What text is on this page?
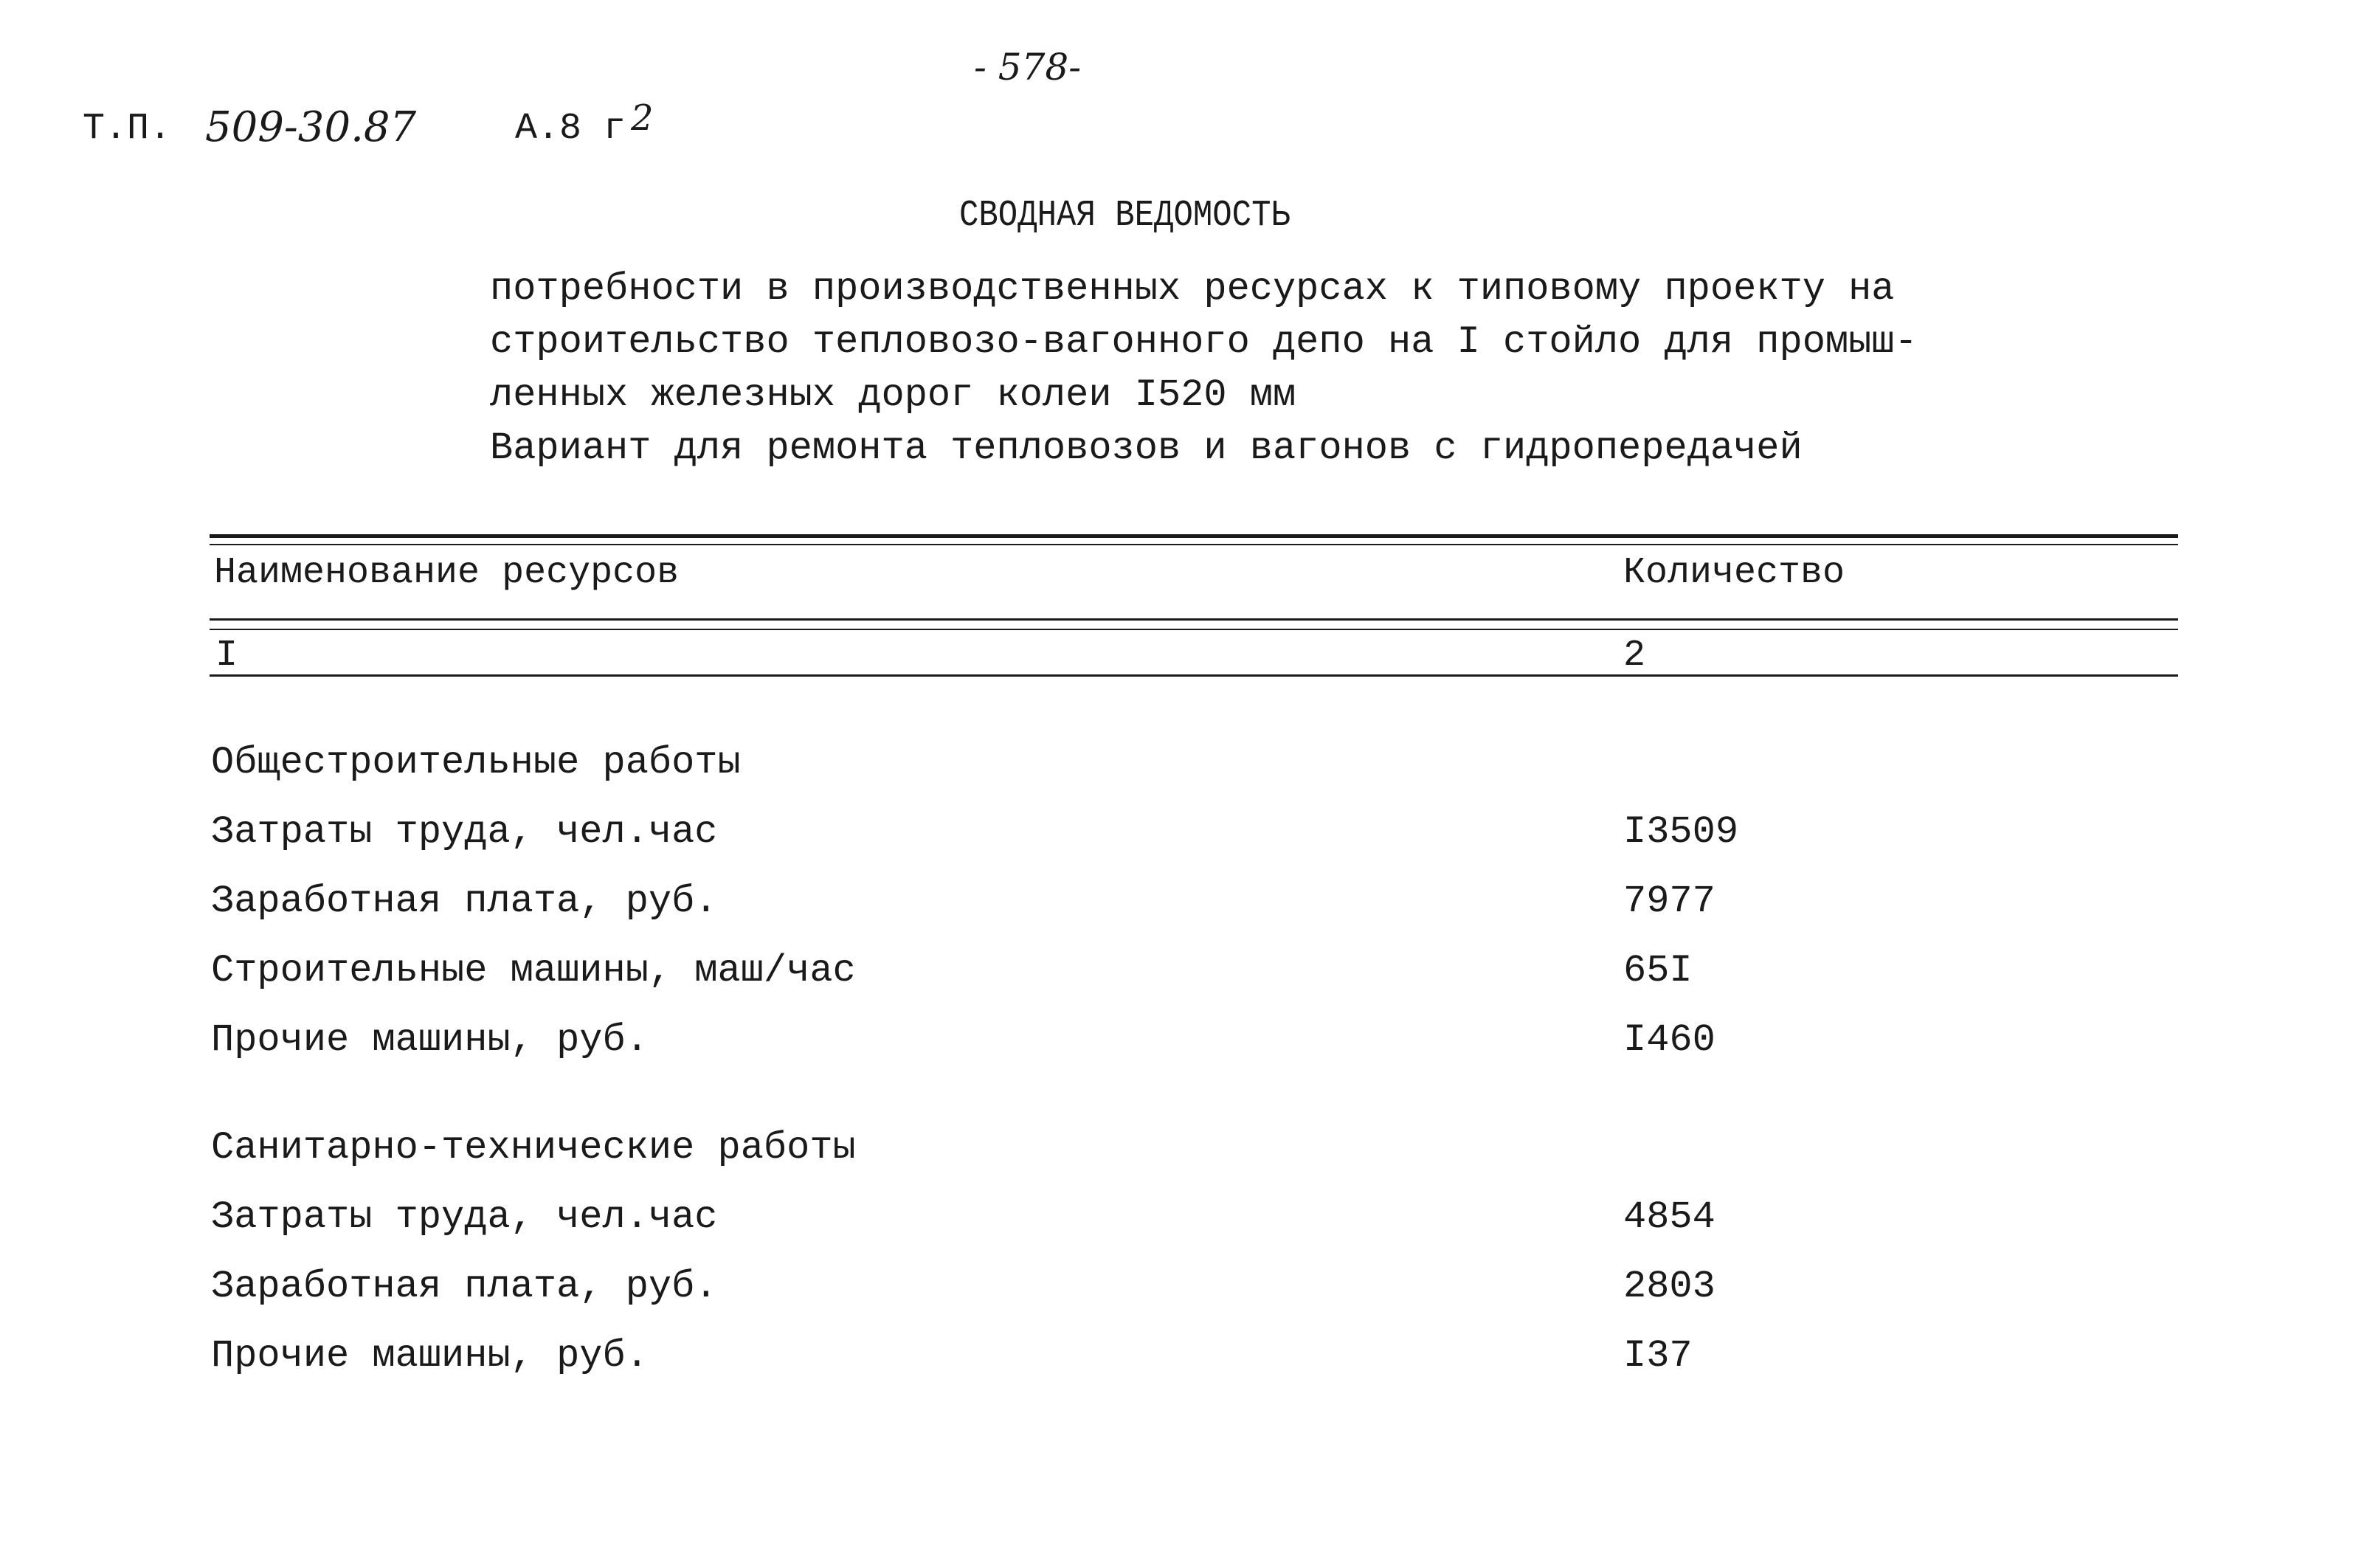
- 578-
Т.П. 509-30.87	А.8 г 2
СВОДНАЯ ВЕДОМОСТЬ
потребности в производственных ресурсах к типовому проекту на
строительство тепловозо-вагонного депо на I стойло для промыш-
ленных железных дорог колеи I520 мм
Вариант для ремонта тепловозов и вагонов с гидропередачей
Наименование ресурсов	Количество
I	2
Общестроительные работы
Затраты труда, чел.час	I3509
Заработная плата, руб.	7977
Строительные машины, маш/час	65I
Прочие машины, руб.	I460
Санитарно-технические работы
Затраты труда, чел.час	4854
Заработная плата, руб.	2803
Прочие машины, руб.	I37
